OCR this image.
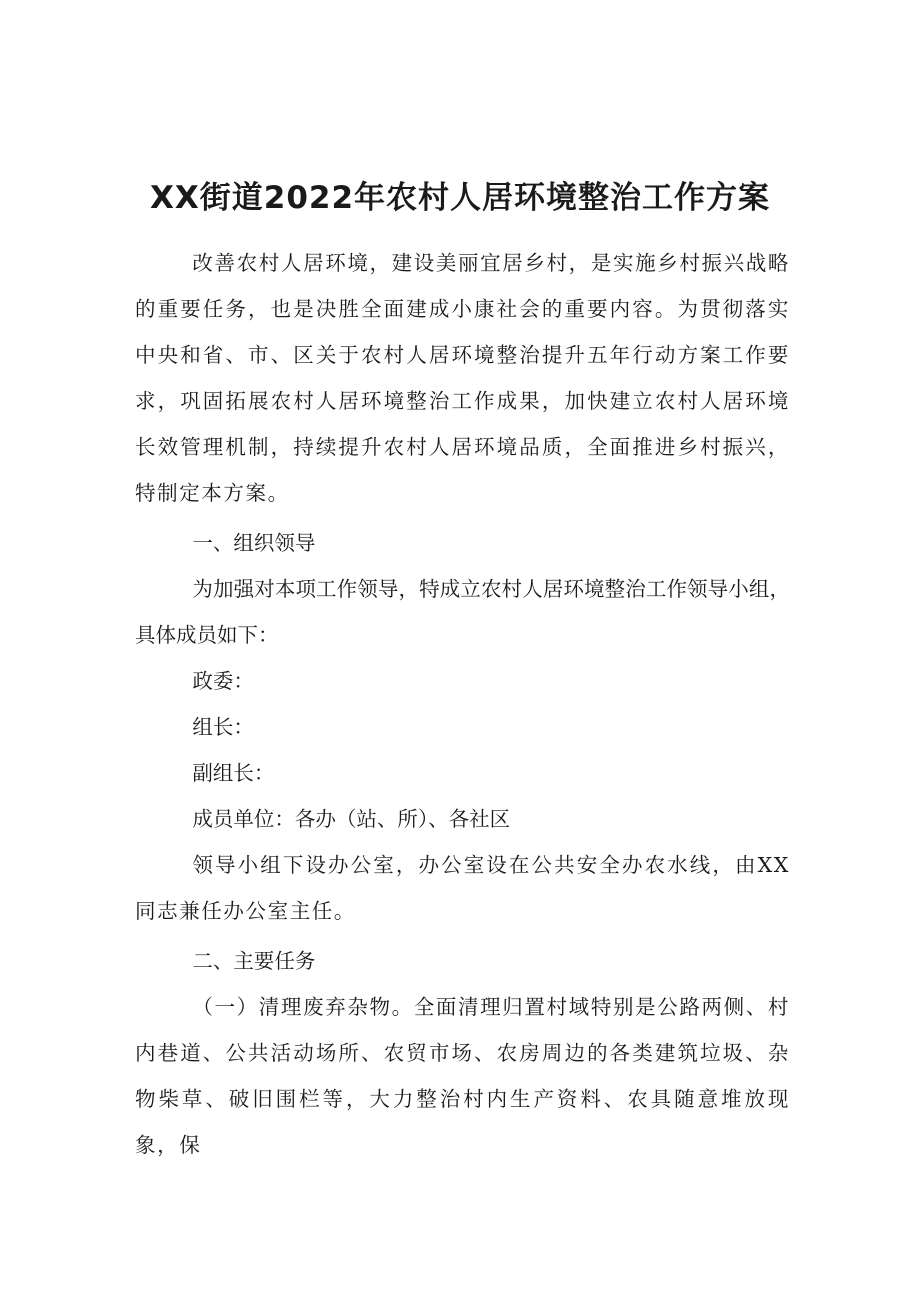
XX街道2022年农村人居环境整治工作方案

改善农村人居环境，建设美丽宜居乡村，是实施乡村振兴战略的重要任务，也是决胜全面建成小康社会的重要内容。为贯彻落实中央和省、市、区关于农村人居环境整治提升五年行动方案工作要求，巩固拓展农村人居环境整治工作成果，加快建立农村人居环境长效管理机制，持续提升农村人居环境品质，全面推进乡村振兴，特制定本方案。

一、组织领导

为加强对本项工作领导，特成立农村人居环境整治工作领导小组，具体成员如下：

政委：

组长：

副组长：

成员单位：各办（站、所）、各社区

领导小组下设办公室，办公室设在公共安全办农水线，由XX同志兼任办公室主任。

二、主要任务

（一）清理废弃杂物。全面清理归置村域特别是公路两侧、村内巷道、公共活动场所、农贸市场、农房周边的各类建筑垃圾、杂物柴草、破旧围栏等，大力整治村内生产资料、农具随意堆放现象，保
